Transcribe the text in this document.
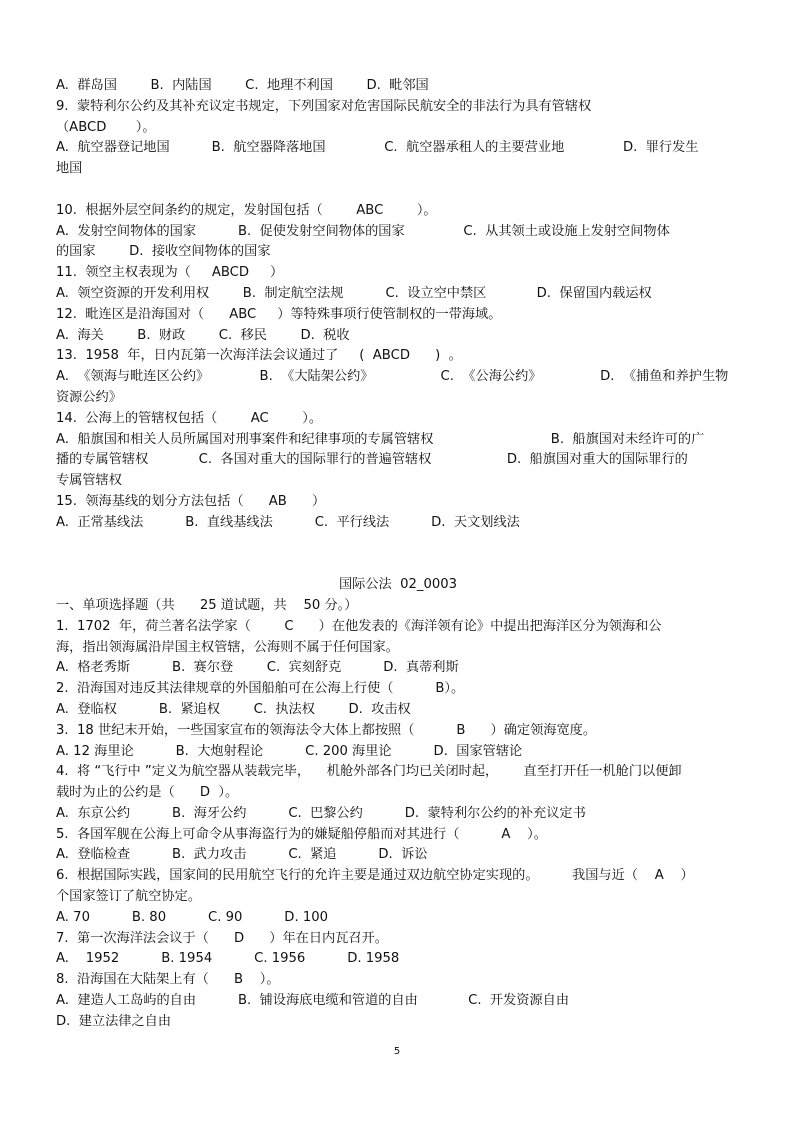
A.  群岛国        B.  内陆国        C.  地理不利国        D.  毗邻国
9.  蒙特利尔公约及其补充议定书规定，下列国家对危害国际民航安全的非法行为具有管辖权
（ABCD       ）。
A.  航空器登记地国          B.  航空器降落地国              C.  航空器承租人的主要营业地              D.  罪行发生
地国
10.  根据外层空间条约的规定，发射国包括（        ABC        ）。
A.  发射空间物体的国家          B.  促使发射空间物体的国家              C.  从其领土或设施上发射空间物体
的国家        D.  接收空间物体的国家
11.  领空主权表现为（     ABCD     ）
A.  领空资源的开发利用权        B.  制定航空法规          C.  设立空中禁区            D.  保留国内载运权
12.  毗连区是沿海国对（      ABC     ）等特殊事项行使管制权的一带海域。
A.  海关        B.  财政        C.  移民        D.  税收
13.  1958  年，日内瓦第一次海洋法会议通过了     (  ABCD      )  。
A.  《领海与毗连区公约》            B.  《大陆架公约》                C.  《公海公约》              D.  《捕鱼和养护生物
资源公约》
14.  公海上的管辖权包括（        AC        ）。
A.  船旗国和相关人员所属国对刑事案件和纪律事项的专属管辖权                            B.  船旗国对未经许可的广
播的专属管辖权            C.  各国对重大的国际罪行的普遍管辖权                  D.  船旗国对重大的国际罪行的
专属管辖权
15.  领海基线的划分方法包括（      AB      ）
A.  正常基线法          B.  直线基线法          C.  平行线法          D.  天文划线法
国际公法  02_0003
一、单项选择题（共      25 道试题，共    50 分。）
1.  1702  年，荷兰著名法学家（        C      ）在他发表的《海洋领有论》中提出把海洋区分为领海和公
海，指出领海属沿岸国主权管辖，公海则不属于任何国家。
A.  格老秀斯          B.  赛尔登        C.  宾刻舒克          D.  真蒂利斯
2.  沿海国对违反其法律规章的外国船舶可在公海上行使（          B）。
A.  登临权          B.  紧追权        C.  执法权        D.  攻击权
3.  18 世纪末开始，一些国家宣布的领海法令大体上都按照（          B      ）确定领海宽度。
A. 12 海里论          B.  大炮射程论          C. 200 海里论          D.  国家管辖论
4.  将 “飞行中 ”定义为航空器从装载完毕，    机舱外部各门均已关闭时起，      直至打开任一机舱门以便卸
载时为止的公约是（      D  ）。
A.  东京公约          B.  海牙公约          C.  巴黎公约          D.  蒙特利尔公约的补充议定书
5.  各国军舰在公海上可命令从事海盗行为的嫌疑船停船而对其进行（          A    ）。
A.  登临检查          B.  武力攻击          C.  紧追          D.  诉讼
6.  根据国际实践，国家间的民用航空飞行的允许主要是通过双边航空协定实现的。        我国与近（    A    ）
个国家签订了航空协定。
A. 70          B. 80          C. 90          D. 100
7.  第一次海洋法会议于（      D      ）年在日内瓦召开。
A.    1952          B. 1954          C. 1956          D. 1958
8.  沿海国在大陆架上有（      B    ）。
A.  建造人工岛屿的自由          B.  铺设海底电缆和管道的自由            C.  开发资源自由
D.  建立法律之自由
5
